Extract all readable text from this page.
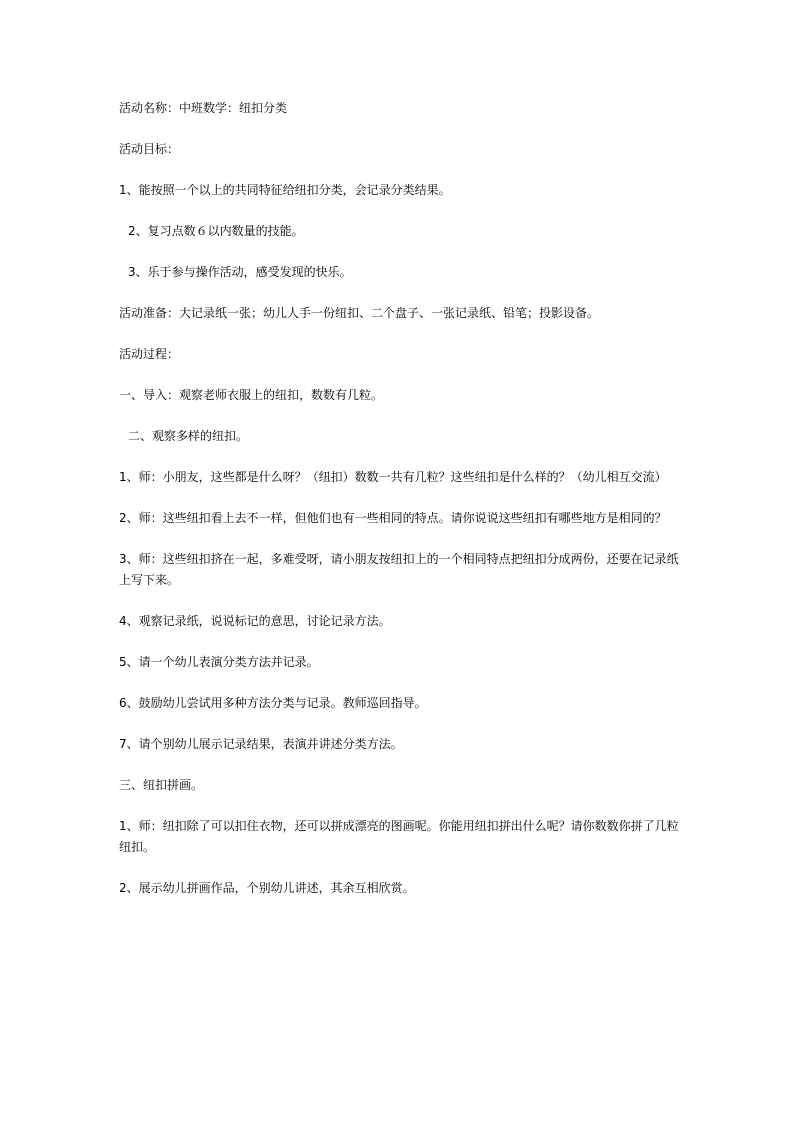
活动名称：中班数学：纽扣分类

活动目标：

1、能按照一个以上的共同特征给纽扣分类，会记录分类结果。

2、复习点数６以内数量的技能。

3、乐于参与操作活动，感受发现的快乐。

活动准备：大记录纸一张；幼儿人手一份纽扣、二个盘子、一张记录纸、铅笔；投影设备。

活动过程：

一、导入：观察老师衣服上的纽扣，数数有几粒。

二、观察多样的纽扣。

1、师：小朋友，这些都是什么呀？（纽扣）数数一共有几粒？这些纽扣是什么样的？（幼儿相互交流）

2、师：这些纽扣看上去不一样，但他们也有一些相同的特点。请你说说这些纽扣有哪些地方是相同的？

3、师：这些纽扣挤在一起，多难受呀，请小朋友按纽扣上的一个相同特点把纽扣分成两份，还要在记录纸上写下来。

4、观察记录纸，说说标记的意思，讨论记录方法。

5、请一个幼儿表演分类方法并记录。

6、鼓励幼儿尝试用多种方法分类与记录。教师巡回指导。

7、请个别幼儿展示记录结果，表演并讲述分类方法。

三、纽扣拼画。

1、师：纽扣除了可以扣住衣物，还可以拼成漂亮的图画呢。你能用纽扣拼出什么呢？请你数数你拼了几粒纽扣。

2、展示幼儿拼画作品，个别幼儿讲述，其余互相欣赏。
